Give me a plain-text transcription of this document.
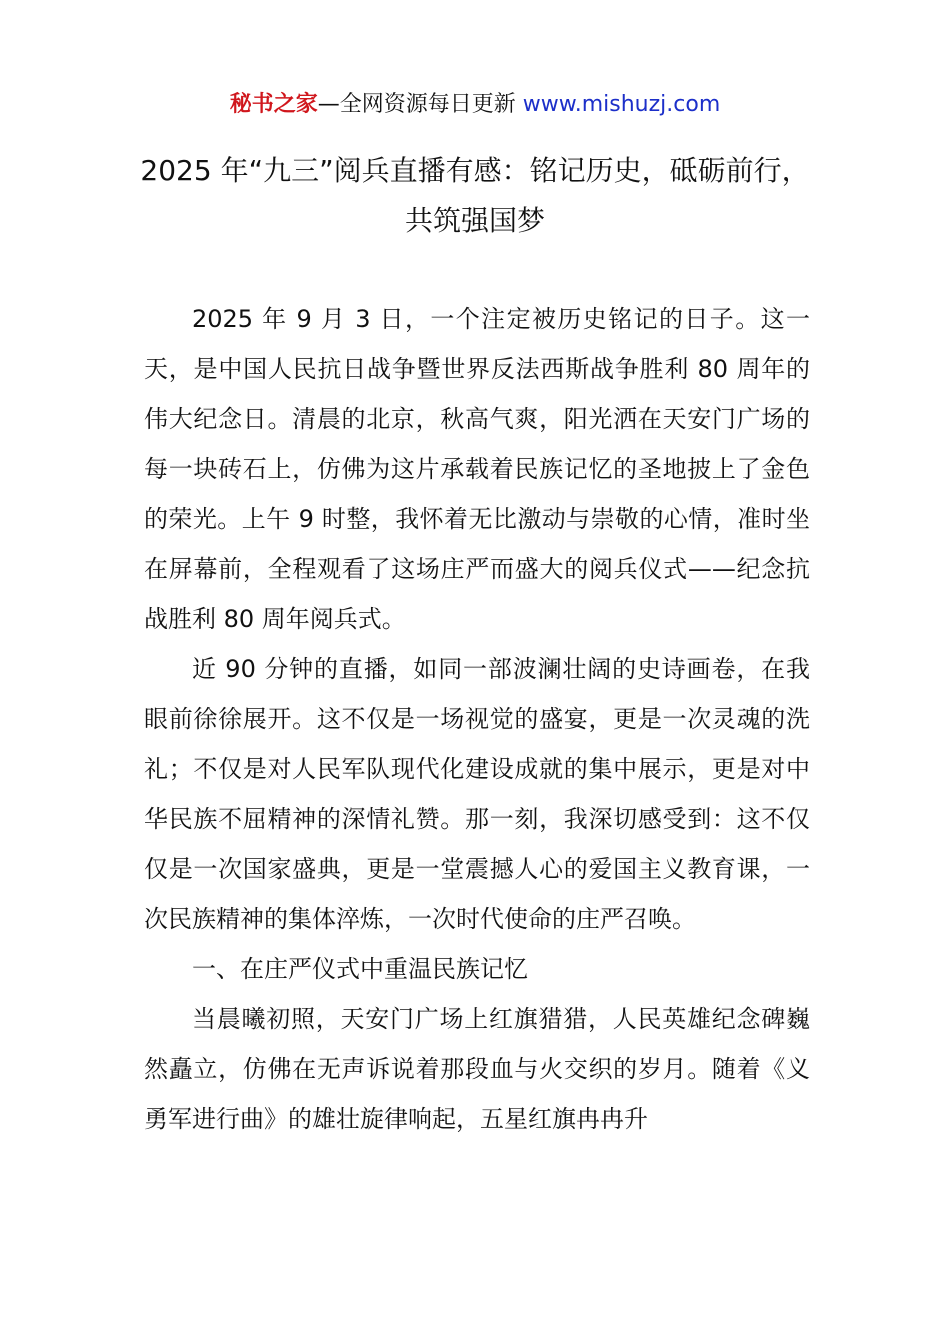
秘书之家—全网资源每日更新 www.mishuzj.com
2025 年“九三”阅兵直播有感：铭记历史，砥砺前行，共筑强国梦

2025 年 9 月 3 日，一个注定被历史铭记的日子。这一天，是中国人民抗日战争暨世界反法西斯战争胜利 80 周年的伟大纪念日。清晨的北京，秋高气爽，阳光洒在天安门广场的每一块砖石上，仿佛为这片承载着民族记忆的圣地披上了金色的荣光。上午 9 时整，我怀着无比激动与崇敬的心情，准时坐在屏幕前，全程观看了这场庄严而盛大的阅兵仪式——纪念抗战胜利 80 周年阅兵式。

近 90 分钟的直播，如同一部波澜壮阔的史诗画卷，在我眼前徐徐展开。这不仅是一场视觉的盛宴，更是一次灵魂的洗礼；不仅是对人民军队现代化建设成就的集中展示，更是对中华民族不屈精神的深情礼赞。那一刻，我深切感受到：这不仅仅是一次国家盛典，更是一堂震撼人心的爱国主义教育课，一次民族精神的集体淬炼，一次时代使命的庄严召唤。

一、在庄严仪式中重温民族记忆

当晨曦初照，天安门广场上红旗猎猎，人民英雄纪念碑巍然矗立，仿佛在无声诉说着那段血与火交织的岁月。随着《义勇军进行曲》的雄壮旋律响起，五星红旗冉冉升
